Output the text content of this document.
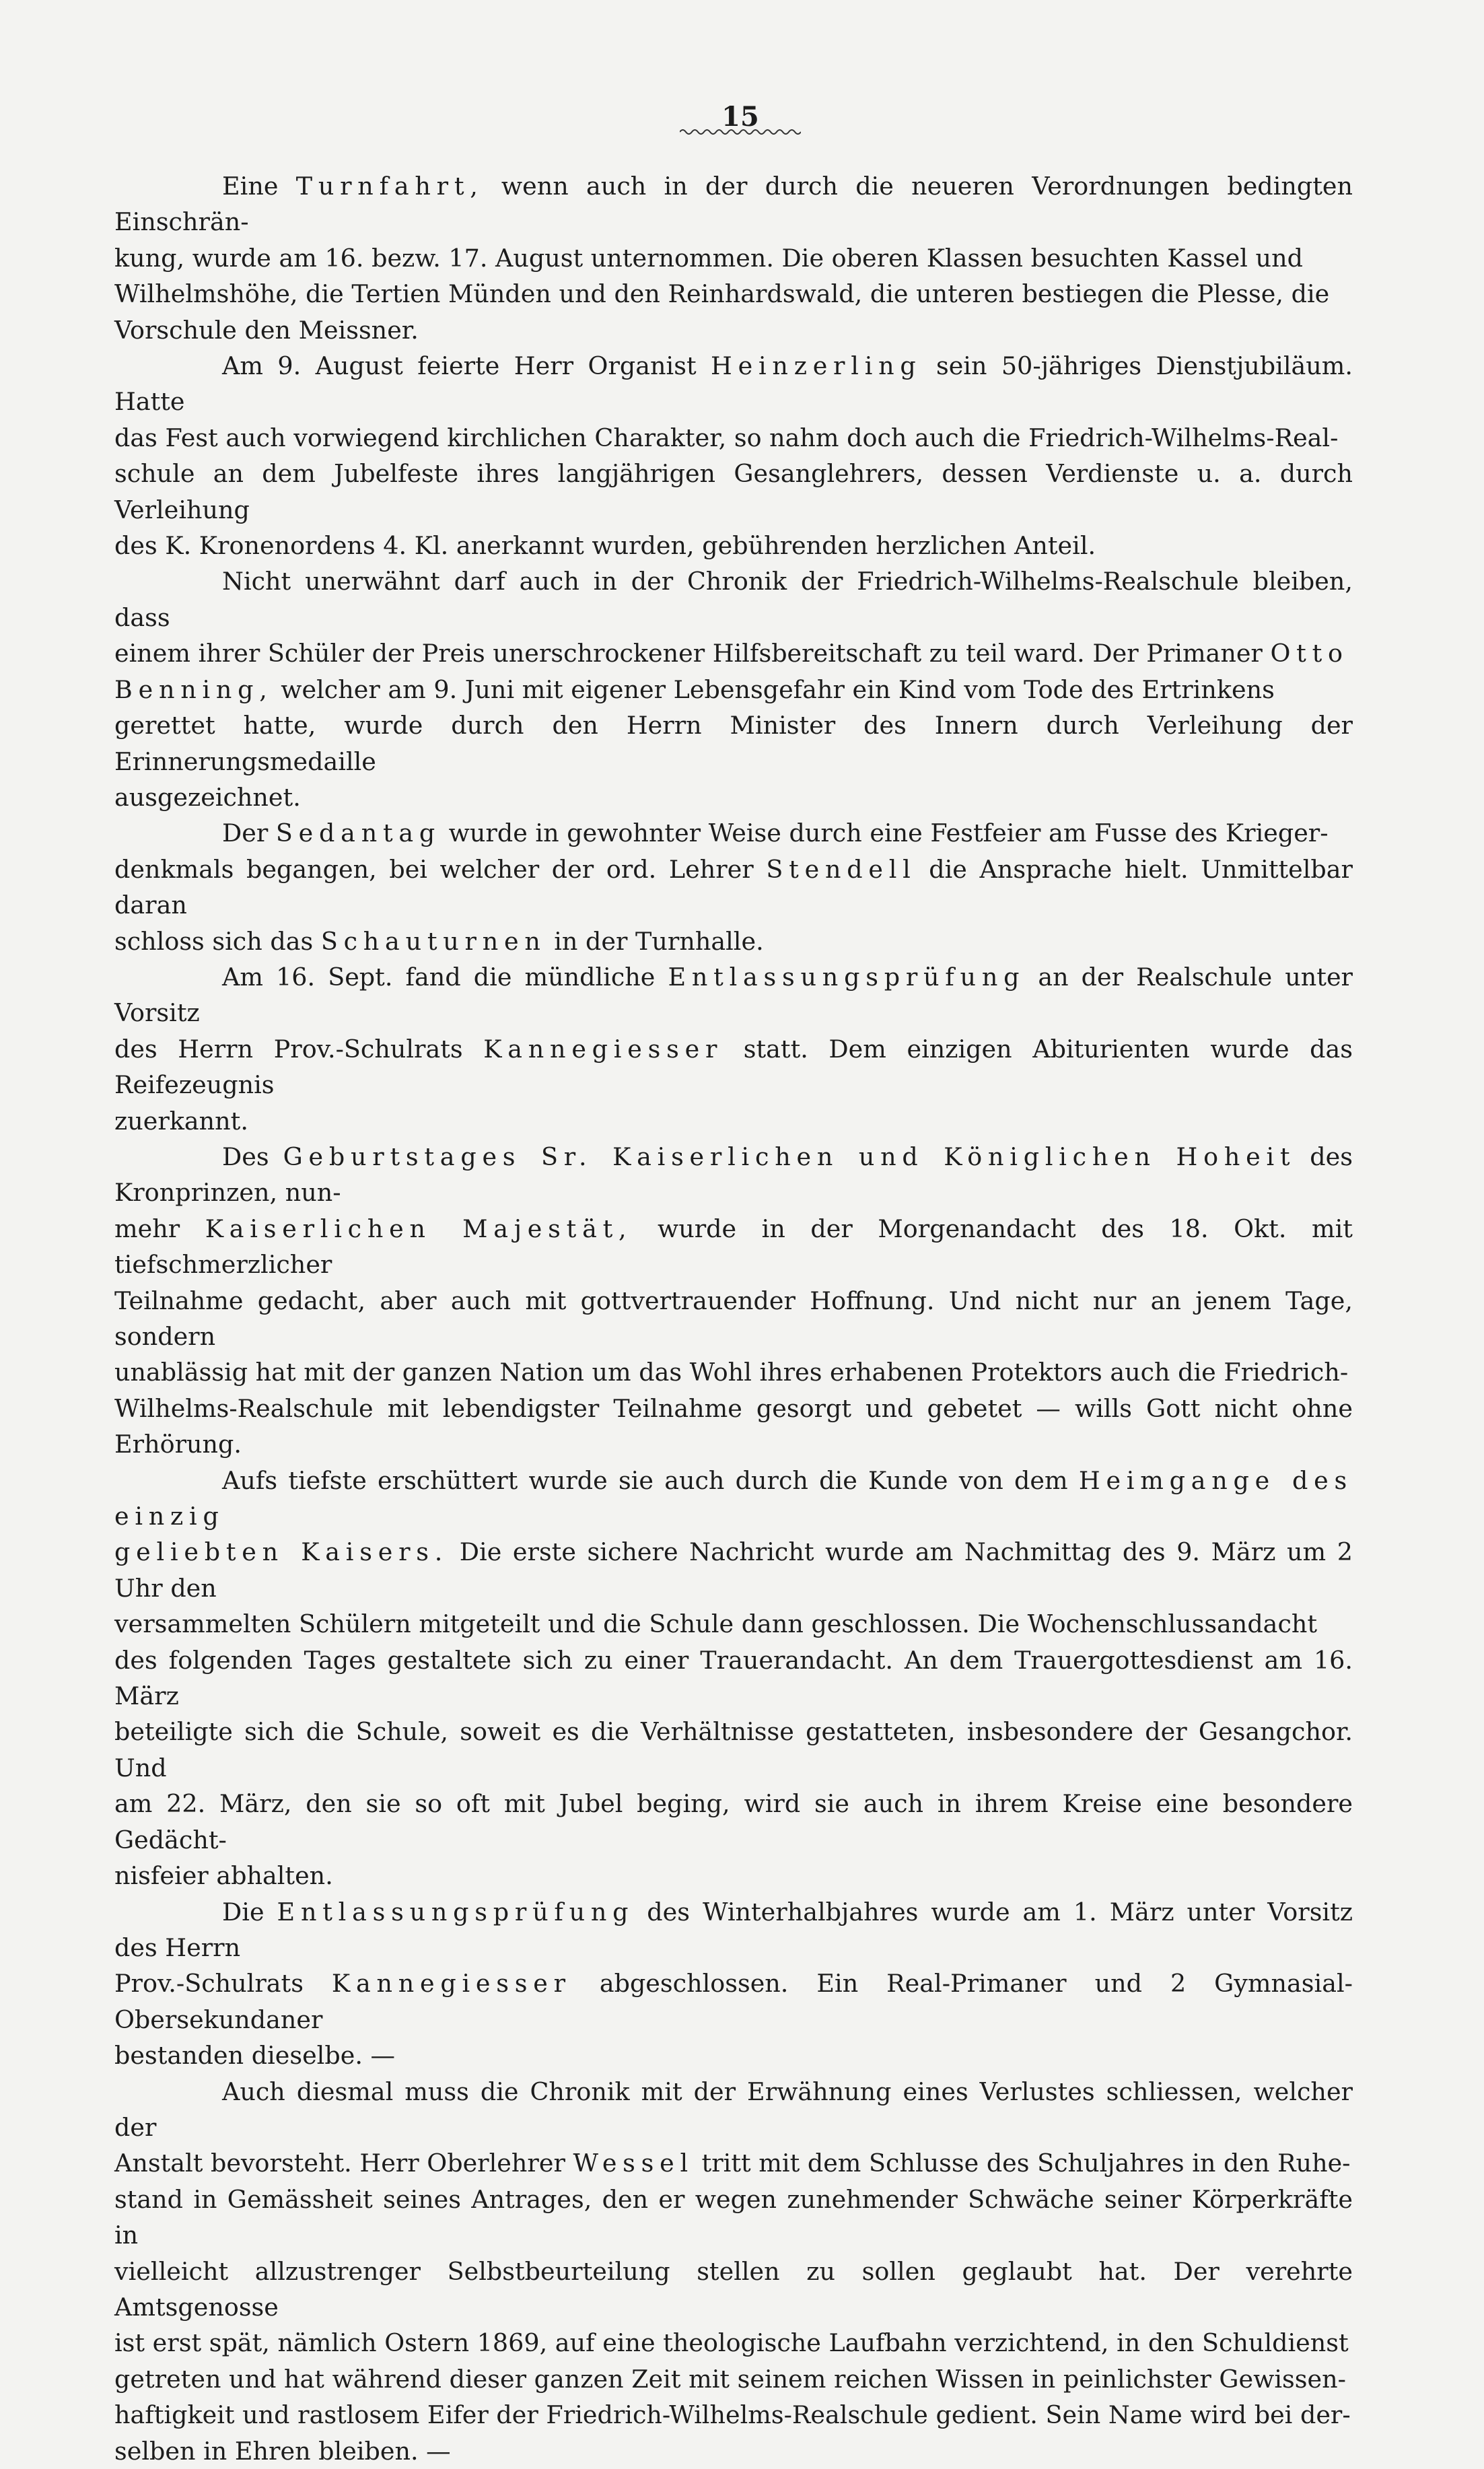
15

Eine Turnfahrt, wenn auch in der durch die neueren Verordnungen bedingten Einschrän-
kung, wurde am 16. bezw. 17. August unternommen. Die oberen Klassen besuchten Kassel und
Wilhelmshöhe, die Tertien Münden und den Reinhardswald, die unteren bestiegen die Plesse, die
Vorschule den Meissner.

Am 9. August feierte Herr Organist Heinzerling sein 50-jähriges Dienstjubiläum. Hatte
das Fest auch vorwiegend kirchlichen Charakter, so nahm doch auch die Friedrich-Wilhelms-Real-
schule an dem Jubelfeste ihres langjährigen Gesanglehrers, dessen Verdienste u. a. durch Verleihung
des K. Kronenordens 4. Kl. anerkannt wurden, gebührenden herzlichen Anteil.

Nicht unerwähnt darf auch in der Chronik der Friedrich-Wilhelms-Realschule bleiben, dass
einem ihrer Schüler der Preis unerschrockener Hilfsbereitschaft zu teil ward. Der Primaner Otto
Benning, welcher am 9. Juni mit eigener Lebensgefahr ein Kind vom Tode des Ertrinkens
gerettet hatte, wurde durch den Herrn Minister des Innern durch Verleihung der Erinnerungsmedaille
ausgezeichnet.

Der Sedantag wurde in gewohnter Weise durch eine Festfeier am Fusse des Krieger-
denkmals begangen, bei welcher der ord. Lehrer Stendell die Ansprache hielt. Unmittelbar daran
schloss sich das Schauturnen in der Turnhalle.

Am 16. Sept. fand die mündliche Entlassungsprüfung an der Realschule unter Vorsitz
des Herrn Prov.-Schulrats Kannegiesser statt. Dem einzigen Abiturienten wurde das Reifezeugnis
zuerkannt.

Des Geburtstages Sr. Kaiserlichen und Königlichen Hoheit des Kronprinzen, nun-
mehr Kaiserlichen Majestät, wurde in der Morgenandacht des 18. Okt. mit tiefschmerzlicher
Teilnahme gedacht, aber auch mit gottvertrauender Hoffnung. Und nicht nur an jenem Tage, sondern
unablässig hat mit der ganzen Nation um das Wohl ihres erhabenen Protektors auch die Friedrich-
Wilhelms-Realschule mit lebendigster Teilnahme gesorgt und gebetet — wills Gott nicht ohne Erhörung.

Aufs tiefste erschüttert wurde sie auch durch die Kunde von dem Heimgange des einzig
geliebten Kaisers. Die erste sichere Nachricht wurde am Nachmittag des 9. März um 2 Uhr den
versammelten Schülern mitgeteilt und die Schule dann geschlossen. Die Wochenschlussandacht
des folgenden Tages gestaltete sich zu einer Trauerandacht. An dem Trauergottesdienst am 16. März
beteiligte sich die Schule, soweit es die Verhältnisse gestatteten, insbesondere der Gesangchor. Und
am 22. März, den sie so oft mit Jubel beging, wird sie auch in ihrem Kreise eine besondere Gedächt-
nisfeier abhalten.

Die Entlassungsprüfung des Winterhalbjahres wurde am 1. März unter Vorsitz des Herrn
Prov.-Schulrats Kannegiesser abgeschlossen. Ein Real-Primaner und 2 Gymnasial-Obersekundaner
bestanden dieselbe. —

Auch diesmal muss die Chronik mit der Erwähnung eines Verlustes schliessen, welcher der
Anstalt bevorsteht. Herr Oberlehrer Wessel tritt mit dem Schlusse des Schuljahres in den Ruhe-
stand in Gemässheit seines Antrages, den er wegen zunehmender Schwäche seiner Körperkräfte in
vielleicht allzustrenger Selbstbeurteilung stellen zu sollen geglaubt hat. Der verehrte Amtsgenosse
ist erst spät, nämlich Ostern 1869, auf eine theologische Laufbahn verzichtend, in den Schuldienst
getreten und hat während dieser ganzen Zeit mit seinem reichen Wissen in peinlichster Gewissen-
haftigkeit und rastlosem Eifer der Friedrich-Wilhelms-Realschule gedient. Sein Name wird bei der-
selben in Ehren bleiben. —
